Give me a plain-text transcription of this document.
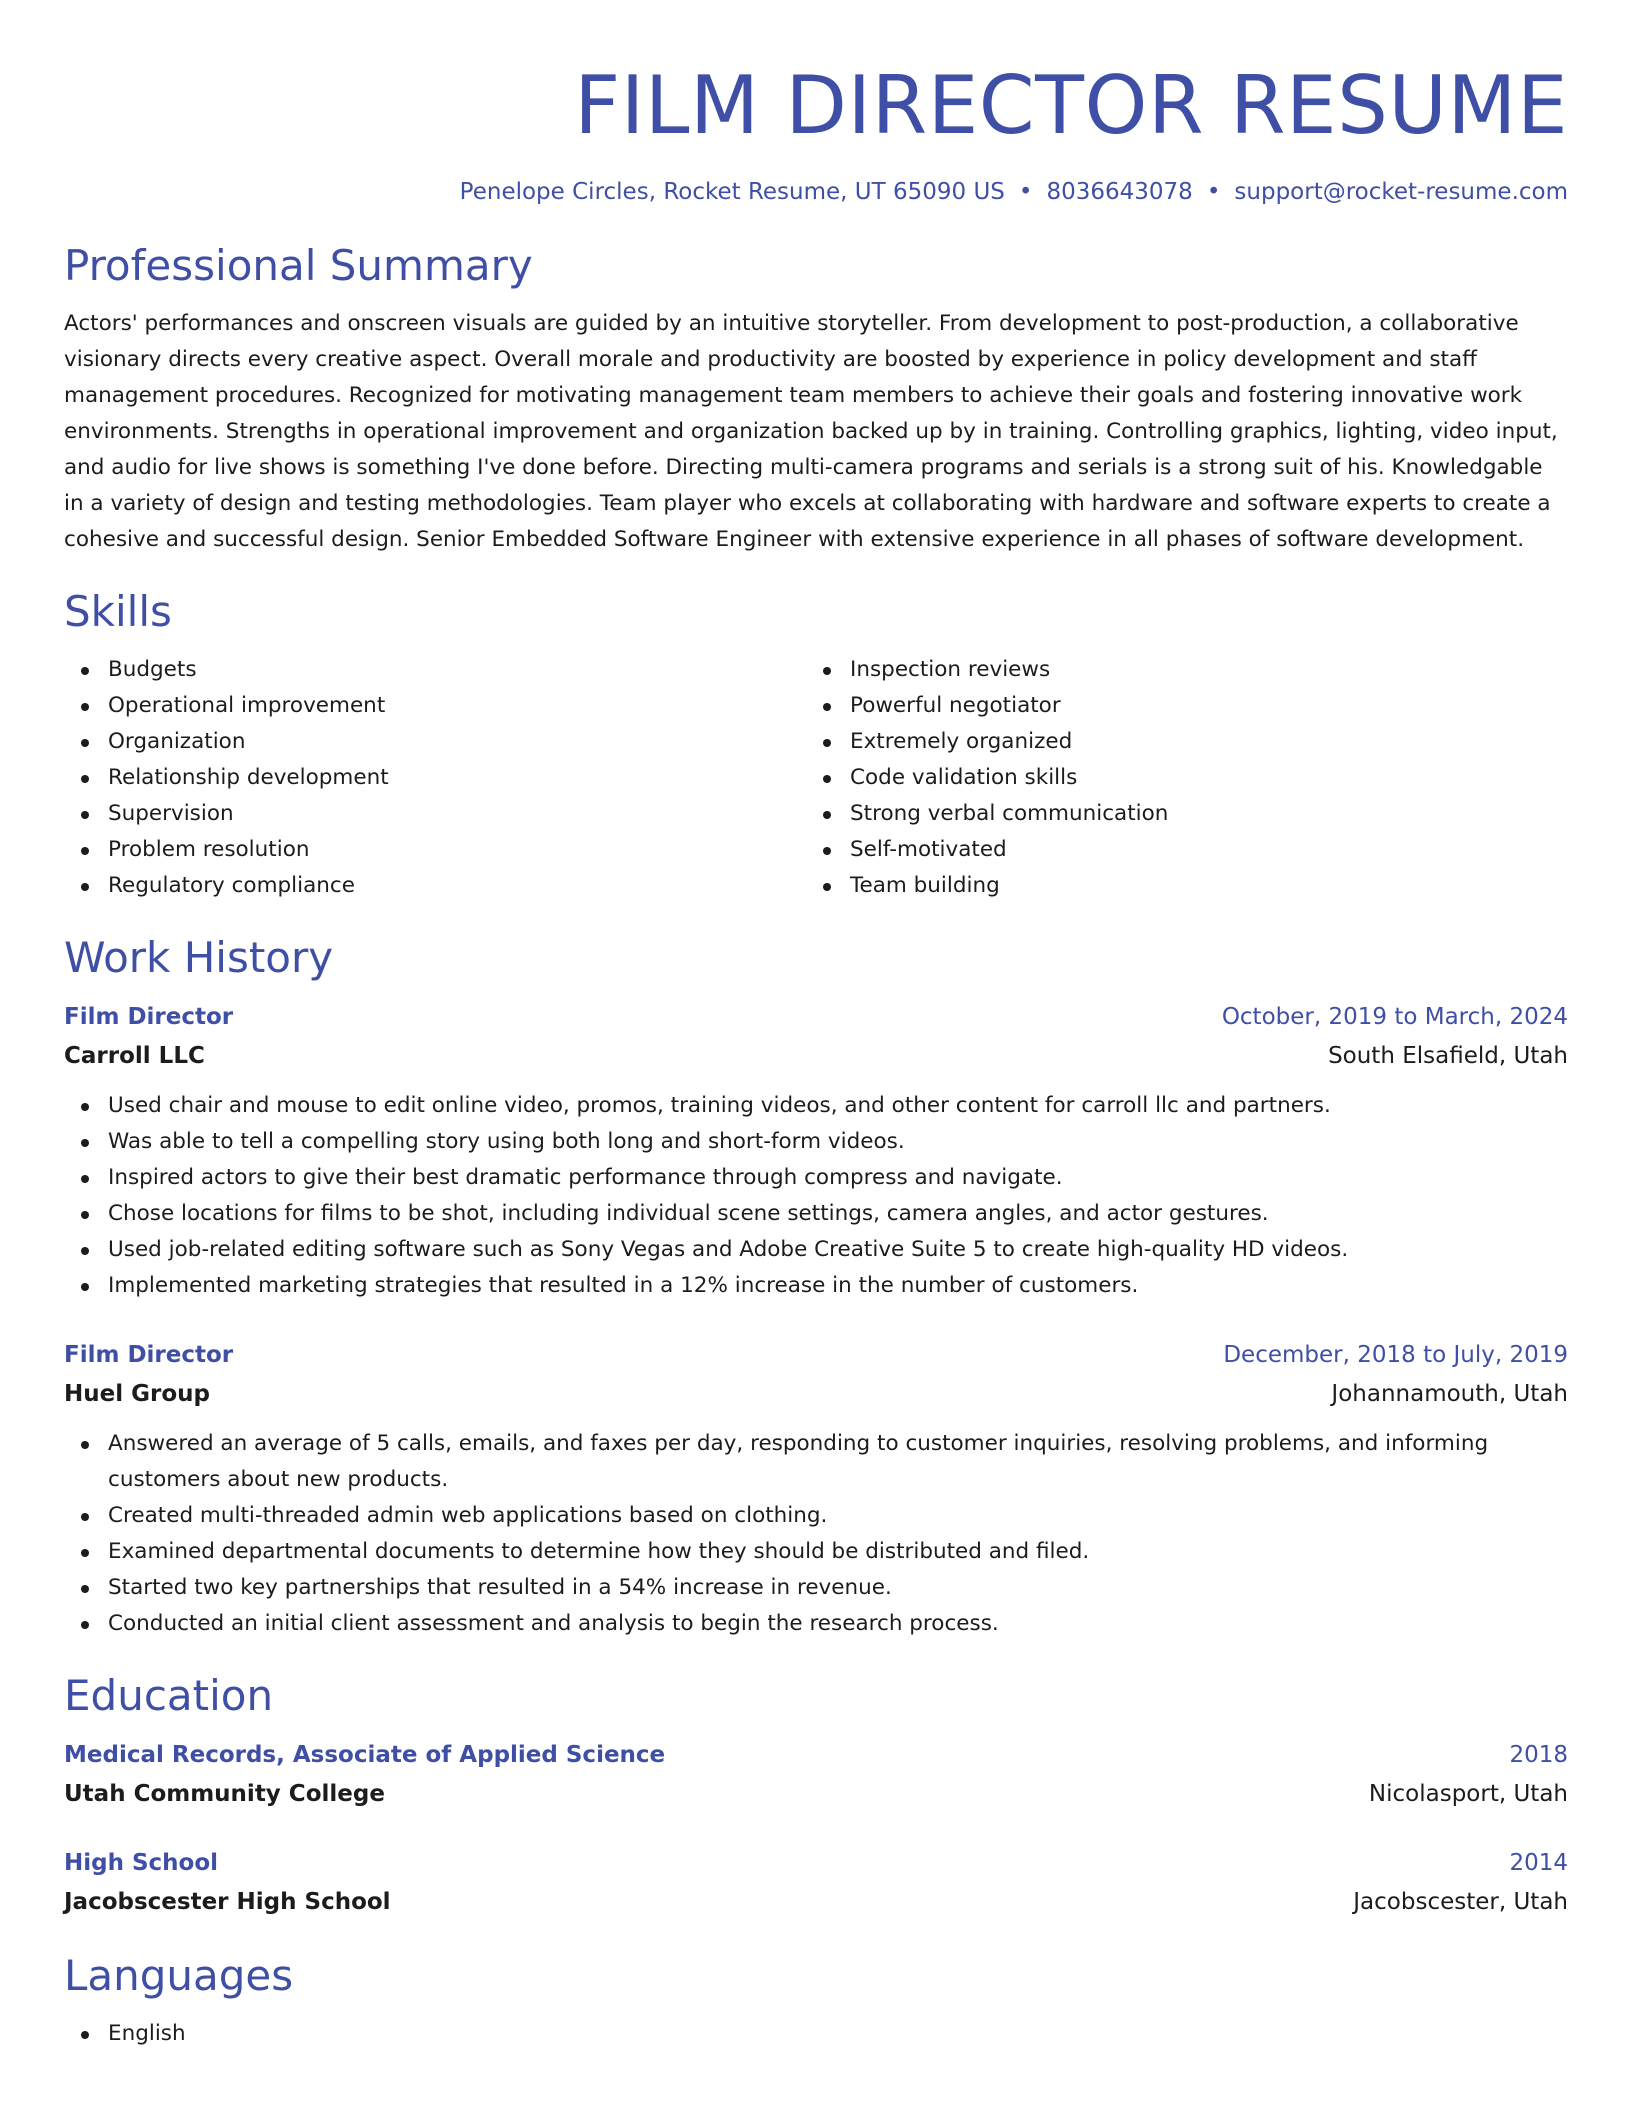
FILM DIRECTOR RESUME
Penelope Circles, Rocket Resume, UT 65090 US • 8036643078 • support@rocket-resume.com
Professional Summary

Actors' performances and onscreen visuals are guided by an intuitive storyteller. From development to post-production, a collaborative visionary directs every creative aspect. Overall morale and productivity are boosted by experience in policy development and staff management procedures. Recognized for motivating management team members to achieve their goals and fostering innovative work environments. Strengths in operational improvement and organization backed up by in training. Controlling graphics, lighting, video input, and audio for live shows is something I've done before. Directing multi-camera programs and serials is a strong suit of his. Knowledgable in a variety of design and testing methodologies. Team player who excels at collaborating with hardware and software experts to create a cohesive and successful design. Senior Embedded Software Engineer with extensive experience in all phases of software development.

Skills
Budgets
Operational improvement
Organization
Relationship development
Supervision
Problem resolution
Regulatory compliance
Inspection reviews
Powerful negotiator
Extremely organized
Code validation skills
Strong verbal communication
Self-motivated
Team building
Work History
Film Director	October, 2019 to March, 2024
Carroll LLC	South Elsafield, Utah
Used chair and mouse to edit online video, promos, training videos, and other content for carroll llc and partners.
Was able to tell a compelling story using both long and short-form videos.
Inspired actors to give their best dramatic performance through compress and navigate.
Chose locations for films to be shot, including individual scene settings, camera angles, and actor gestures.
Used job-related editing software such as Sony Vegas and Adobe Creative Suite 5 to create high-quality HD videos.
Implemented marketing strategies that resulted in a 12% increase in the number of customers.
Film Director	December, 2018 to July, 2019
Huel Group	Johannamouth, Utah
Answered an average of 5 calls, emails, and faxes per day, responding to customer inquiries, resolving problems, and informing customers about new products.
Created multi-threaded admin web applications based on clothing.
Examined departmental documents to determine how they should be distributed and filed.
Started two key partnerships that resulted in a 54% increase in revenue.
Conducted an initial client assessment and analysis to begin the research process.
Education
Medical Records, Associate of Applied Science	2018
Utah Community College	Nicolasport, Utah
High School	2014
Jacobscester High School	Jacobscester, Utah
Languages
English
